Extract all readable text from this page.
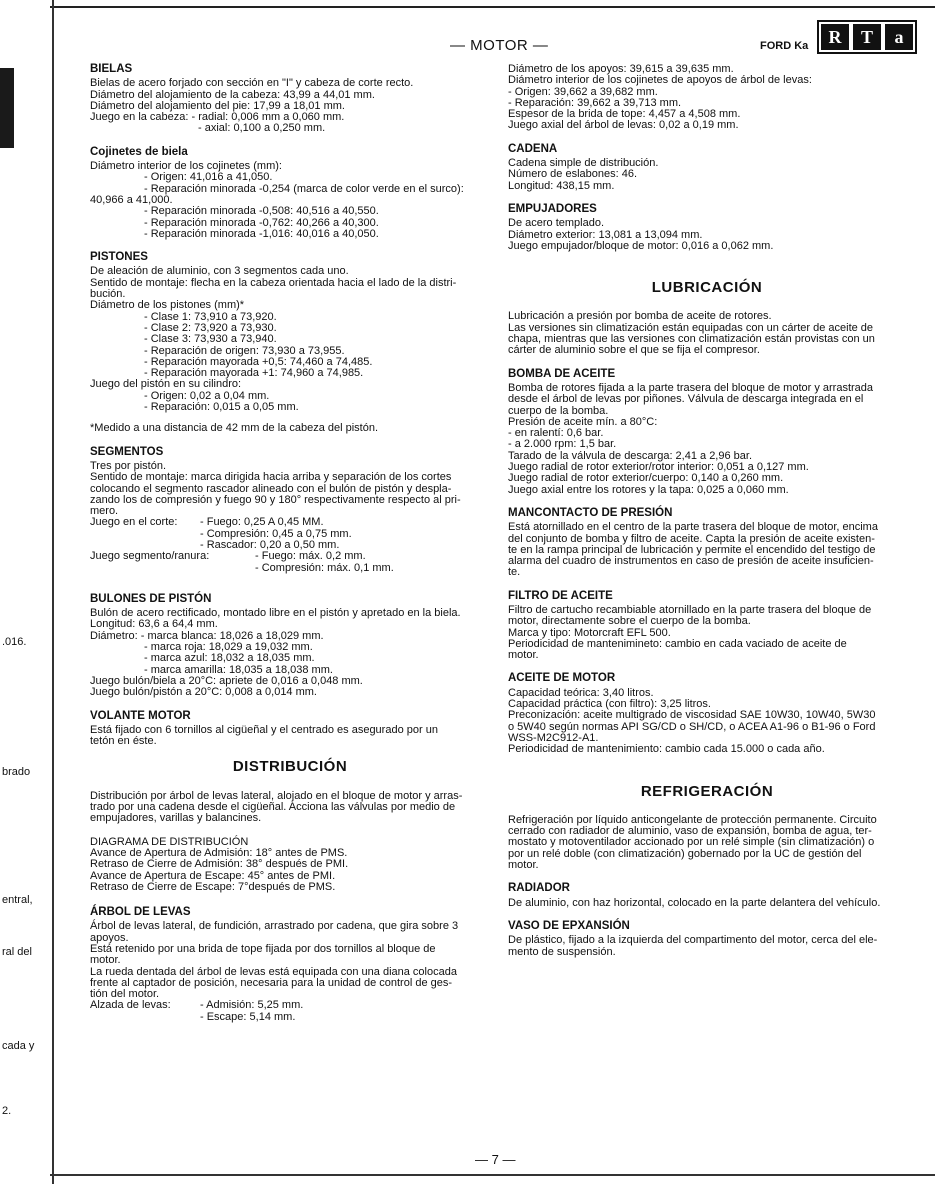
.016.
brado
entral,
ral del
cada y
2.
— MOTOR —	FORD Ka	R	T	a
BIELAS
Bielas de acero forjado con sección en "I" y cabeza de corte recto.
Diámetro del alojamiento de la cabeza: 43,99 a 44,01 mm.
Diámetro del alojamiento del pie: 17,99 a 18,01 mm.
Juego en la cabeza: - radial: 0,006 mm a 0,060 mm.
- axial: 0,100 a 0,250 mm.
Cojinetes de biela
Diámetro interior de los cojinetes (mm):
- Origen: 41,016 a 41,050.
- Reparación minorada -0,254 (marca de color verde en el surco):
40,966 a 41,000.
- Reparación minorada -0,508: 40,516 a 40,550.
- Reparación minorada -0,762: 40,266 a 40,300.
- Reparación minorada -1,016: 40,016 a 40,050.
PISTONES
De aleación de aluminio, con 3 segmentos cada uno.
Sentido de montaje: flecha en la cabeza orientada hacia el lado de la distri-
bución.
Diámetro de los pistones (mm)*
- Clase 1: 73,910 a 73,920.
- Clase 2: 73,920 a 73,930.
- Clase 3: 73,930 a 73,940.
- Reparación de origen: 73,930 a 73,955.
- Reparación mayorada +0,5: 74,460 a 74,485.
- Reparación mayorada +1: 74,960 a 74,985.
Juego del pistón en su cilindro:
- Origen: 0,02 a 0,04 mm.
- Reparación: 0,015 a 0,05 mm.
*Medido a una distancia de 42 mm de la cabeza del pistón.
SEGMENTOS
Tres por pistón.
Sentido de montaje: marca dirigida hacia arriba y separación de los cortes
colocando el segmento rascador alineado con el bulón de pistón y despla-
zando los de compresión y fuego 90 y 180° respectivamente respecto al pri-
mero.
Juego en el corte:	- Fuego: 0,25 A 0,45 MM.
- Compresión: 0,45 a 0,75 mm.
- Rascador: 0,20 a 0,50 mm.
Juego segmento/ranura:	- Fuego: máx. 0,2 mm.
- Compresión: máx. 0,1 mm.
BULONES DE PISTÓN
Bulón de acero rectificado, montado libre en el pistón y apretado en la biela.
Longitud: 63,6 a 64,4 mm.
Diámetro: - marca blanca: 18,026 a 18,029 mm.
- marca roja: 18,029 a 19,032 mm.
- marca azul: 18,032 a 18,035 mm.
- marca amarilla: 18,035 a 18,038 mm.
Juego bulón/biela a 20°C: apriete de 0,016 a 0,048 mm.
Juego bulón/pistón a 20°C: 0,008 a 0,014 mm.
VOLANTE MOTOR
Está fijado con 6 tornillos al cigüeñal y el centrado es asegurado por un
tetón en éste.
DISTRIBUCIÓN
Distribución por árbol de levas lateral, alojado en el bloque de motor y arras-
trado por una cadena desde el cigüeñal. Acciona las válvulas por medio de
empujadores, varillas y balancines.
DIAGRAMA DE DISTRIBUCIÓN
Avance de Apertura de Admisión: 18° antes de PMS.
Retraso de Cierre de Admisión: 38° después de PMI.
Avance de Apertura de Escape: 45° antes de PMI.
Retraso de Cierre de Escape: 7°después de PMS.
ÁRBOL DE LEVAS
Árbol de levas lateral, de fundición, arrastrado por cadena, que gira sobre 3
apoyos.
Está retenido por una brida de tope fijada por dos tornillos al bloque de
motor.
La rueda dentada del árbol de levas está equipada con una diana colocada
frente al captador de posición, necesaria para la unidad de control de ges-
tión del motor.
Alzada de levas:	- Admisión: 5,25 mm.
- Escape: 5,14 mm.
Diámetro de los apoyos: 39,615 a 39,635 mm.
Diámetro interior de los cojinetes de apoyos de árbol de levas:
- Origen: 39,662 a 39,682 mm.
- Reparación: 39,662 a 39,713 mm.
Espesor de la brida de tope: 4,457 a 4,508 mm.
Juego axial del árbol de levas: 0,02 a 0,19 mm.
CADENA
Cadena simple de distribución.
Número de eslabones: 46.
Longitud: 438,15 mm.
EMPUJADORES
De acero templado.
Diámetro exterior: 13,081 a 13,094 mm.
Juego empujador/bloque de motor: 0,016 a 0,062 mm.
LUBRICACIÓN
Lubricación a presión por bomba de aceite de rotores.
Las versiones sin climatización están equipadas con un cárter de aceite de
chapa, mientras que las versiones con climatización están provistas con un
cárter de aluminio sobre el que se fija el compresor.
BOMBA DE ACEITE
Bomba de rotores fijada a la parte trasera del bloque de motor y arrastrada
desde el árbol de levas por piñones. Válvula de descarga integrada en el
cuerpo de la bomba.
Presión de aceite mín. a 80°C:
- en ralentí: 0,6 bar.
- a 2.000 rpm: 1,5 bar.
Tarado de la válvula de descarga: 2,41 a 2,96 bar.
Juego radial de rotor exterior/rotor interior: 0,051 a 0,127 mm.
Juego radial de rotor exterior/cuerpo: 0,140 a 0,260 mm.
Juego axial entre los rotores y la tapa: 0,025 a 0,060 mm.
MANCONTACTO DE PRESIÓN
Está atornillado en el centro de la parte trasera del bloque de motor, encima
del conjunto de bomba y filtro de aceite. Capta la presión de aceite existen-
te en la rampa principal de lubricación y permite el encendido del testigo de
alarma del cuadro de instrumentos en caso de presión de aceite insuficien-
te.
FILTRO DE ACEITE
Filtro de cartucho recambiable atornillado en la parte trasera del bloque de
motor, directamente sobre el cuerpo de la bomba.
Marca y tipo: Motorcraft EFL 500.
Periodicidad de mantenimineto: cambio en cada vaciado de aceite de
motor.
ACEITE DE MOTOR
Capacidad teórica: 3,40 litros.
Capacidad práctica (con filtro): 3,25 litros.
Preconización: aceite multigrado de viscosidad SAE 10W30, 10W40, 5W30
o 5W40 según normas API SG/CD o SH/CD, o ACEA A1-96 o B1-96 o Ford
WSS-M2C912-A1.
Periodicidad de mantenimiento: cambio cada 15.000 o cada año.
REFRIGERACIÓN
Refrigeración por líquido anticongelante de protección permanente. Circuito
cerrado con radiador de aluminio, vaso de expansión, bomba de agua, ter-
mostato y motoventilador accionado por un relé simple (sin climatización) o
por un relé doble (con climatización) gobernado por la UC de gestión del
motor.
RADIADOR
De aluminio, con haz horizontal, colocado en la parte delantera del vehículo.
VASO DE EPXANSIÓN
De plástico, fijado a la izquierda del compartimento del motor, cerca del ele-
mento de suspensión.
— 7 —
